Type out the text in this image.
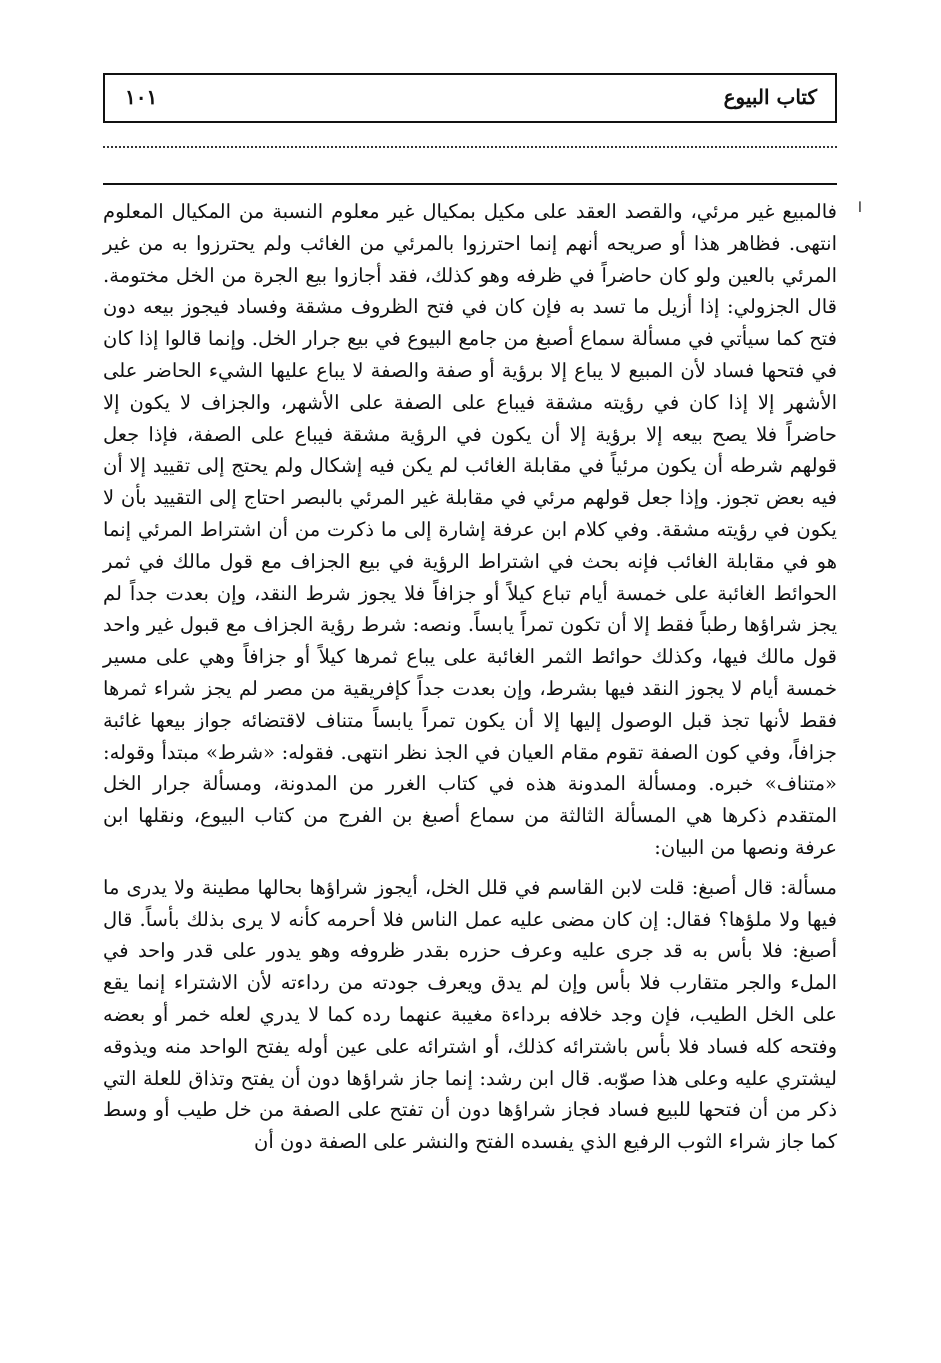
كتاب البيوع
١٠١
ا

فالمبيع غير مرئي، والقصد العقد على مكيل بمكيال غير معلوم النسبة من المكيال المعلوم انتهى. فظاهر هذا أو صريحه أنهم إنما احترزوا بالمرئي من الغائب ولم يحترزوا به من غير المرئي بالعين ولو كان حاضراً في ظرفه وهو كذلك، فقد أجازوا بيع الجرة من الخل مختومة. قال الجزولي: إذا أزيل ما تسد به فإن كان في فتح الظروف مشقة وفساد فيجوز بيعه دون فتح كما سيأتي في مسألة سماع أصبغ من جامع البيوع في بيع جرار الخل. وإنما قالوا إذا كان في فتحها فساد لأن المبيع لا يباع إلا برؤية أو صفة والصفة لا يباع عليها الشيء الحاضر على الأشهر إلا إذا كان في رؤيته مشقة فيباع على الصفة على الأشهر، والجزاف لا يكون إلا حاضراً فلا يصح بيعه إلا برؤية إلا أن يكون في الرؤية مشقة فيباع على الصفة، فإذا جعل قولهم شرطه أن يكون مرئياً في مقابلة الغائب لم يكن فيه إشكال ولم يحتج إلى تقييد إلا أن فيه بعض تجوز. وإذا جعل قولهم مرئي في مقابلة غير المرئي بالبصر احتاج إلى التقييد بأن لا يكون في رؤيته مشقة. وفي كلام ابن عرفة إشارة إلى ما ذكرت من أن اشتراط المرئي إنما هو في مقابلة الغائب فإنه بحث في اشتراط الرؤية في بيع الجزاف مع قول مالك في ثمر الحوائط الغائبة على خمسة أيام تباع كيلاً أو جزافاً فلا يجوز شرط النقد، وإن بعدت جداً لم يجز شراؤها رطباً فقط إلا أن تكون تمراً يابساً. ونصه: شرط رؤية الجزاف مع قبول غير واحد قول مالك فيها، وكذلك حوائط الثمر الغائبة على يباع ثمرها كيلاً أو جزافاً وهي على مسير خمسة أيام لا يجوز النقد فيها بشرط، وإن بعدت جداً كإفريقية من مصر لم يجز شراء ثمرها فقط لأنها تجذ قبل الوصول إليها إلا أن يكون تمراً يابساً متناف لاقتضائه جواز بيعها غائبة جزافاً، وفي كون الصفة تقوم مقام العيان في الجذ نظر انتهى. فقوله: «شرط» مبتدأ وقوله: «متناف» خبره. ومسألة المدونة هذه في كتاب الغرر من المدونة، ومسألة جرار الخل المتقدم ذكرها هي المسألة الثالثة من سماع أصبغ بن الفرج من كتاب البيوع، ونقلها ابن عرفة ونصها من البيان:

مسألة: قال أصبغ: قلت لابن القاسم في قلل الخل، أيجوز شراؤها بحالها مطينة ولا يدرى ما فيها ولا ملؤها؟ فقال: إن كان مضى عليه عمل الناس فلا أحرمه كأنه لا يرى بذلك بأساً. قال أصبغ: فلا بأس به قد جرى عليه وعرف حزره بقدر ظروفه وهو يدور على قدر واحد في الملء والجر متقارب فلا بأس وإن لم يدق ويعرف جودته من رداءته لأن الاشتراء إنما يقع على الخل الطيب، فإن وجد خلافه برداءة مغيبة عنهما رده كما لا يدري لعله خمر أو بعضه وفتحه كله فساد فلا بأس باشترائه كذلك، أو اشترائه على عين أوله يفتح الواحد منه ويذوقه ليشتري عليه وعلى هذا صوّبه. قال ابن رشد: إنما جاز شراؤها دون أن يفتح وتذاق للعلة التي ذكر من أن فتحها للبيع فساد فجاز شراؤها دون أن تفتح على الصفة من خل طيب أو وسط كما جاز شراء الثوب الرفيع الذي يفسده الفتح والنشر على الصفة دون أن
